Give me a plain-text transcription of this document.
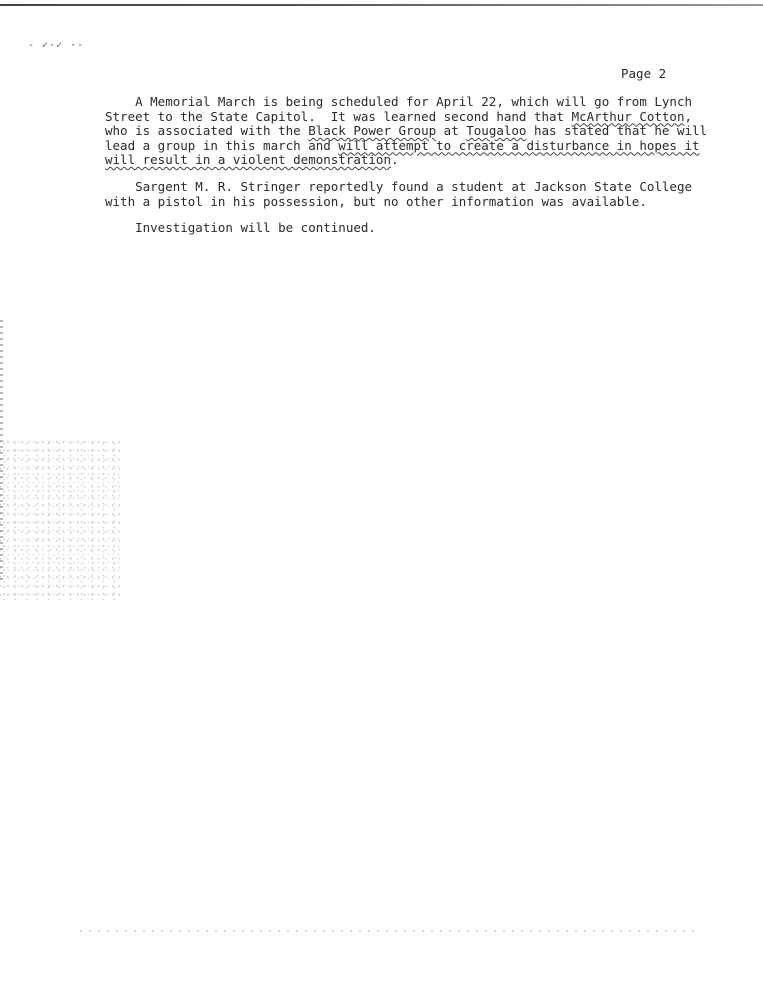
- ✓·✓ ·-
Page 2

A Memorial March is being scheduled for April 22, which will go from Lynch
Street to the State Capitol.  It was learned second hand that McArthur Cotton,
who is associated with the Black Power Group at Tougaloo has stated that he will
lead a group in this march and will attempt to create a disturbance in hopes it
will result in a violent demonstration.

Sargent M. R. Stringer reportedly found a student at Jackson State College
with a pistol in his possession, but no other information was available.

Investigation will be continued.
